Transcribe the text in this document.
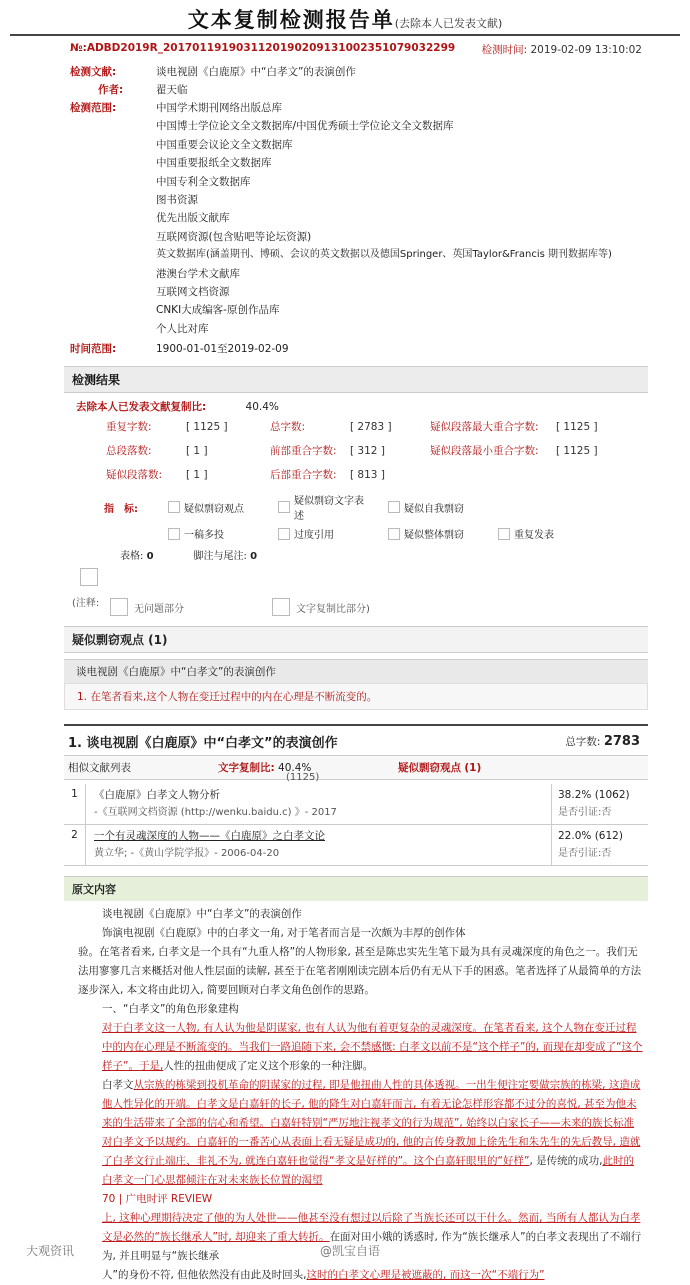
文本复制检测报告单(去除本人已发表文献)
№:ADBD2019R_2017011919031120190209131002351079032299	检测时间: 2019-02-09 13:10:02
检测文献:	谈电视剧《白鹿原》中“白孝文”的表演创作
作者:	翟天临
检测范围:	中国学术期刊网络出版总库
中国博士学位论文全文数据库/中国优秀硕士学位论文全文数据库
中国重要会议论文全文数据库
中国重要报纸全文数据库
中国专利全文数据库
图书资源
优先出版文献库
互联网资源(包含贴吧等论坛资源)
英文数据库(涵盖期刊、博硕、会议的英文数据以及德国Springer、英国Taylor&Francis 期刊数据库等)
港澳台学术文献库
互联网文档资源
CNKI大成编客-原创作品库
个人比对库
时间范围:	1900-01-01至2019-02-09
检测结果
去除本人已发表文献复制比:	40.4%
重复字数:	[ 1125 ]	总字数:	[ 2783 ]	疑似段落最大重合字数:	[ 1125 ]
总段落数:	[ 1 ]	前部重合字数:	[ 312 ]	疑似段落最小重合字数:	[ 1125 ]
疑似段落数:	[ 1 ]	后部重合字数:	[ 813 ]
指　标:	疑似剽窃观点
疑似剽窃文字表述
疑似自我剽窃
一稿多投	过度引用	疑似整体剽窃	重复发表
表格: 0	脚注与尾注: 0
(注释:	无问题部分	文字复制比部分)
疑似剽窃观点 (1)
谈电视剧《白鹿原》中“白孝文”的表演创作
1. 在笔者看来,这个人物在变迁过程中的内在心理是不断流变的。
1. 谈电视剧《白鹿原》中“白孝文”的表演创作	总字数: 2783
相似文献列表	文字复制比: 40.4%
(1125)
疑似剽窃观点 (1)
1	《白鹿原》白孝文人物分析
-《互联网文档资源 (http://wenku.baidu.c) 》- 2017
38.2% (1062)
是否引证:否
2	一个有灵魂深度的人物——《白鹿原》之白孝文论
黄立华; -《黄山学院学报》- 2006-04-20
22.0% (612)
是否引证:否
原文内容

谈电视剧《白鹿原》中“白孝文”的表演创作

饰演电视剧《白鹿原》中的白孝文一角, 对于笔者而言是一次颇为丰厚的创作体

验。在笔者看来, 白孝文是一个具有“九重人格”的人物形象, 甚至是陈忠实先生笔下最为具有灵魂深度的角色之一。我们无法用寥寥几言来概括对他人性层面的读解, 甚至于在笔者刚刚读完剧本后仍有无从下手的困惑。笔者选择了从最简单的方法逐步深入, 本文将由此切入, 简要回顾对白孝文角色创作的思路。

一、“白孝文”的角色形象建构

对于白孝文这一人物, 有人认为他是阴谋家, 也有人认为他有着更复杂的灵魂深度。在笔者看来, 这个人物在变迁过程中的内在心理是不断流变的。当我们一路追随下来, 会不禁感慨: 白孝文以前不是“这个样子”的, 而现在却变成了“这个样子”。于是,人性的扭曲便成了定义这个形象的一种注脚。

白孝文从宗族的栋梁到投机革命的阴谋家的过程, 即是他扭曲人性的具体透视。一出生便注定要做宗族的栋梁, 这造成他人性异化的开端。白孝文是白嘉轩的长子, 他的降生对白嘉轩而言, 有着无论怎样形容都不过分的喜悦, 甚至为他未来的生活带来了全部的信心和希望。白嘉轩特别“严厉地注视孝文的行为规范”, 始终以白家长子——未来的族长标准对白孝文予以规约。白嘉轩的一番苦心从表面上看无疑是成功的, 他的言传身教加上徐先生和朱先生的先后教导, 造就了白孝文行止端庄、非礼不为, 就连白嘉轩也觉得“孝文是好样的”。这个白嘉轩眼里的“好样”, 是传统的成功,此时的白孝文一门心思都倾注在对未来族长位置的渴望

70 | 广电时评 REVIEW

上, 这种心理期待决定了他的为人处世——他甚至没有想过以后除了当族长还可以干什么。然而, 当所有人都认为白孝文是必然的“族长继承人”时, 却迎来了重大转折。在面对田小娥的诱惑时, 作为“族长继承人”的白孝文表现出了不端行为, 并且明显与“族长继承

人”的身份不符, 但他依然没有由此及时回头,这时的白孝文心理是被遮蔽的, 而这一次“不端行为”

大观资讯	@凯宝自语
